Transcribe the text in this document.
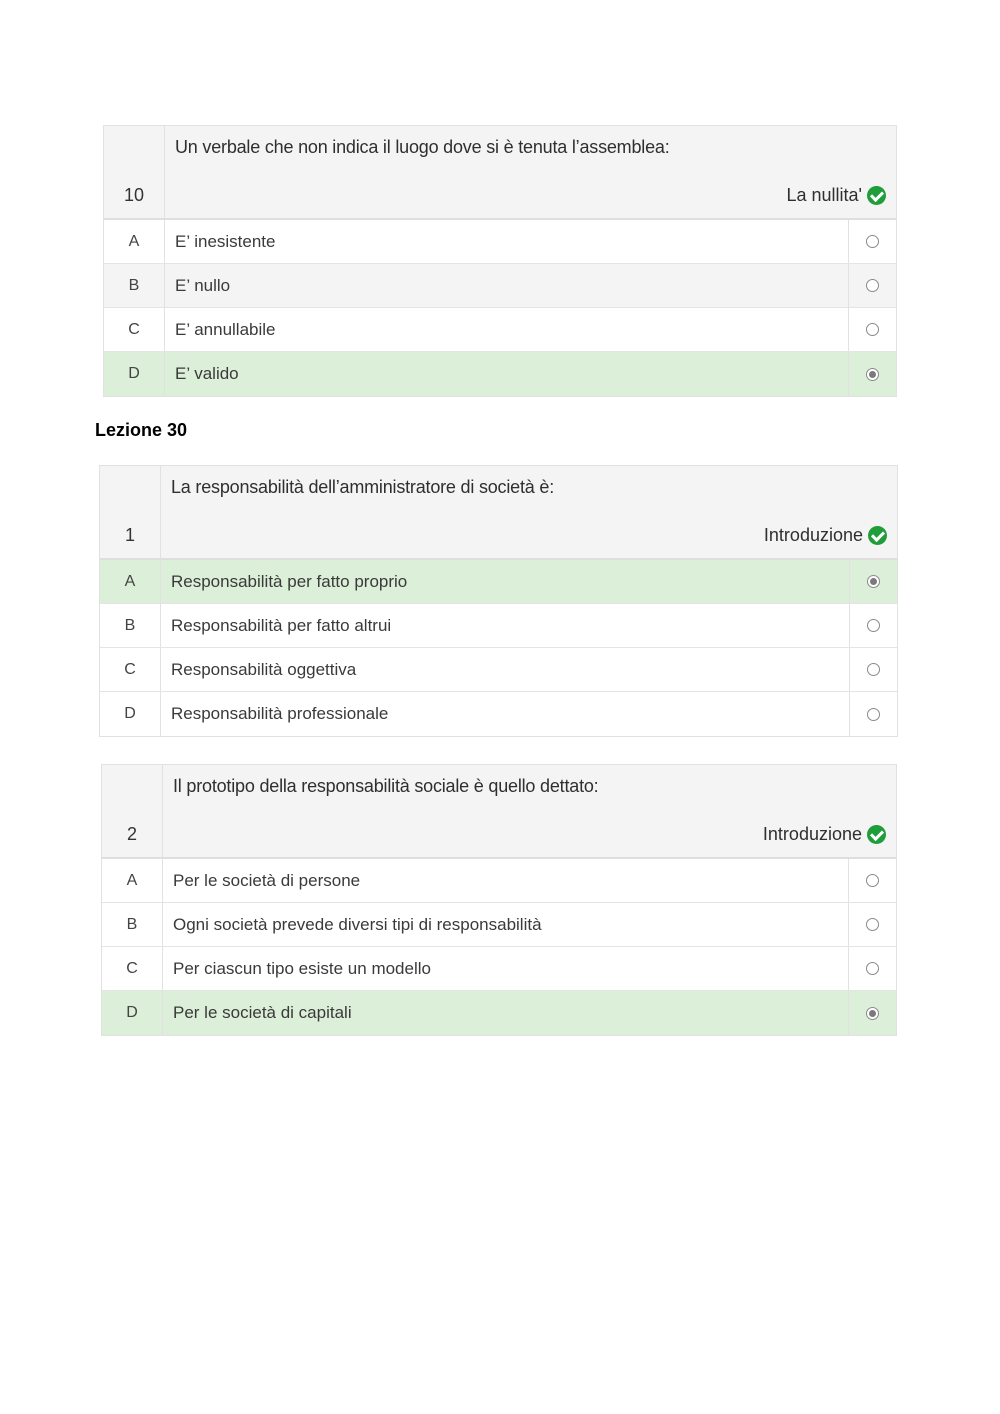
10
Un verbale che non indica il luogo dove si è tenuta l’assemblea:
La nullita'
A	E’ inesistente
B	E’ nullo
C	E’ annullabile
D	E’ valido
Lezione 30
1
La responsabilità dell’amministratore di società è:
Introduzione
A	Responsabilità per fatto proprio
B	Responsabilità per fatto altrui
C	Responsabilità oggettiva
D	Responsabilità professionale
2
Il prototipo della responsabilità sociale è quello dettato:
Introduzione
A	Per le società di persone
B	Ogni società prevede diversi tipi di responsabilità
C	Per ciascun tipo esiste un modello
D	Per le società di capitali
